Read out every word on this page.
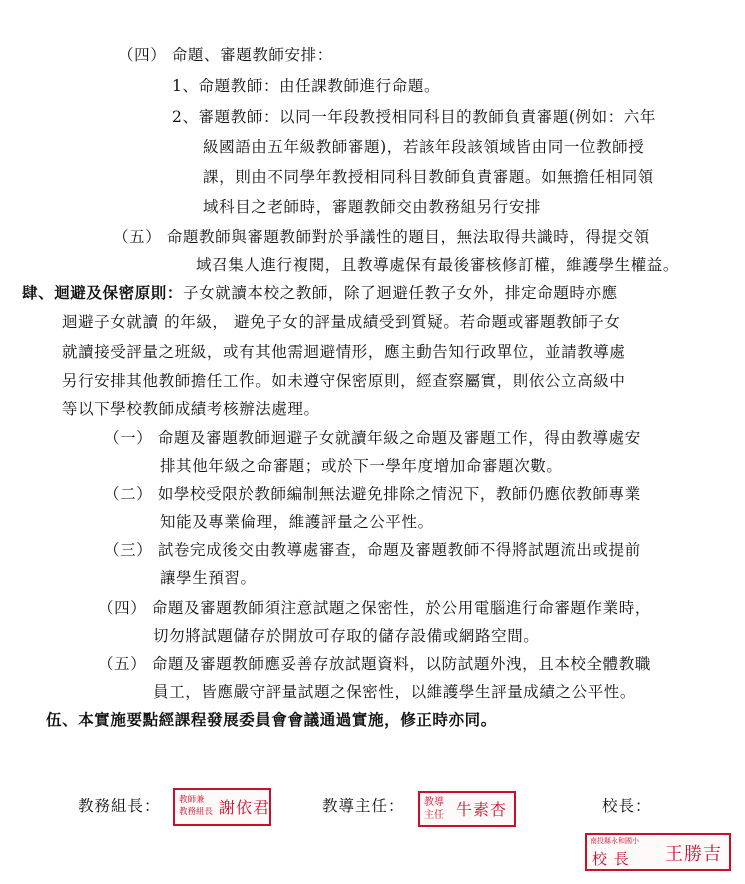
（四） 命題、審題教師安排：
1、命題教師：由任課教師進行命題。
2、審題教師：以同一年段教授相同科目的教師負責審題(例如：六年
級國語由五年級教師審題)，若該年段該領域皆由同一位教師授
課，則由不同學年教授相同科目教師負責審題。如無擔任相同領
域科目之老師時，審題教師交由教務組另行安排
（五） 命題教師與審題教師對於爭議性的題目，無法取得共識時，得提交領
域召集人進行複閱，且教導處保有最後審核修訂權，維護學生權益。
肆、迴避及保密原則：子女就讀本校之教師，除了迴避任教子女外，排定命題時亦應
迴避子女就讀 的年級， 避免子女的評量成績受到質疑。若命題或審題教師子女
就讀接受評量之班級，或有其他需迴避情形，應主動告知行政單位，並請教導處
另行安排其他教師擔任工作。如未遵守保密原則，經查察屬實，則依公立高級中
等以下學校教師成績考核辦法處理。
（一） 命題及審題教師迴避子女就讀年級之命題及審題工作，得由教導處安
排其他年級之命審題；或於下一學年度增加命審題次數。
（二） 如學校受限於教師編制無法避免排除之情況下，教師仍應依教師專業
知能及專業倫理，維護評量之公平性。
（三） 試卷完成後交由教導處審查，命題及審題教師不得將試題流出或提前
讓學生預習。
（四） 命題及審題教師須注意試題之保密性，於公用電腦進行命審題作業時，
切勿將試題儲存於開放可存取的儲存設備或網路空間。
（五） 命題及審題教師應妥善存放試題資料，以防試題外洩，且本校全體教職
員工，皆應嚴守評量試題之保密性，以維護學生評量成績之公平性。
伍、本實施要點經課程發展委員會會議通過實施，修正時亦同。
教務組長： 教師兼
教務組長 謝依君	教導主任： 教導
主任 牛素杏	校長：
南投縣永和國小
校 長 王勝吉
